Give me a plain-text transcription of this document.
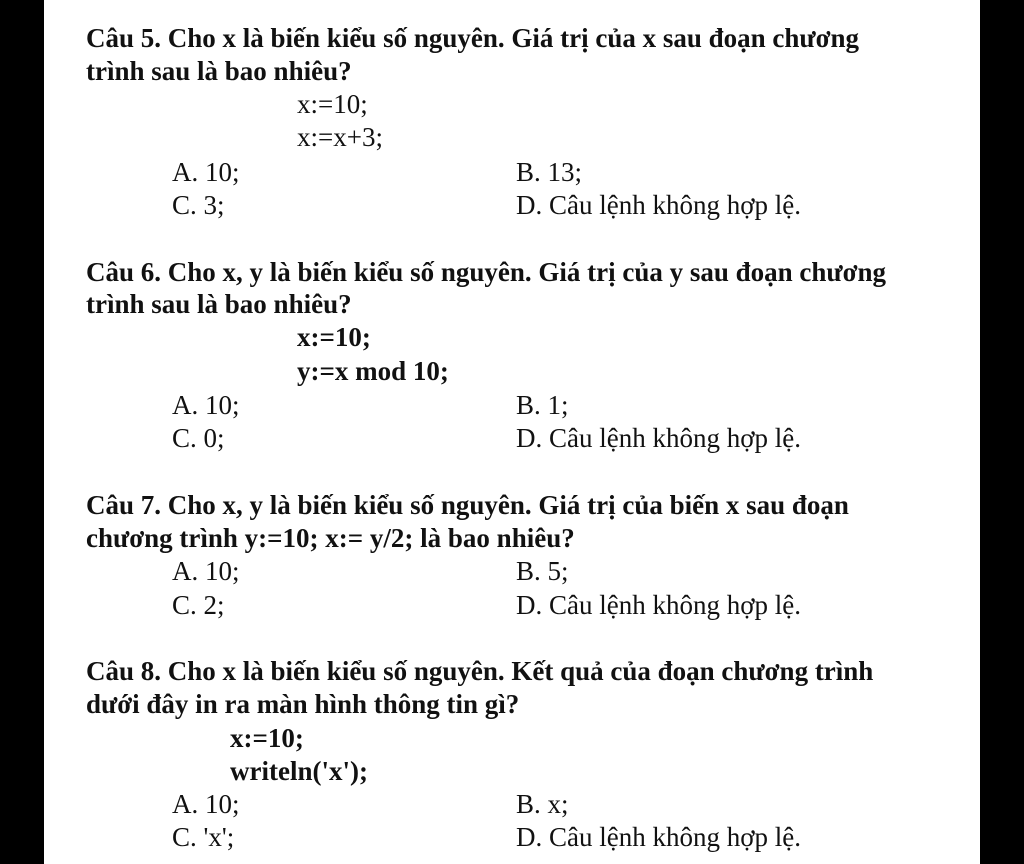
Câu 5. Cho x là biến kiểu số nguyên. Giá trị của x sau đoạn chương
trình sau là bao nhiêu?
x:=10;
x:=x+3;
A. 10;	B. 13;
C. 3;	D. Câu lệnh không hợp lệ.
Câu 6. Cho x, y là biến kiểu số nguyên. Giá trị của y sau đoạn chương
trình sau là bao nhiêu?
x:=10;
y:=x mod 10;
A. 10;	B. 1;
C. 0;	D. Câu lệnh không hợp lệ.
Câu 7. Cho x, y là biến kiểu số nguyên. Giá trị của biến x sau đoạn
chương trình y:=10; x:= y/2; là bao nhiêu?
A. 10;	B. 5;
C. 2;	D. Câu lệnh không hợp lệ.
Câu 8. Cho x là biến kiểu số nguyên. Kết quả của đoạn chương trình
dưới đây in ra màn hình thông tin gì?
x:=10;
writeln('x');
A. 10;	B. x;
C. 'x';	D. Câu lệnh không hợp lệ.
